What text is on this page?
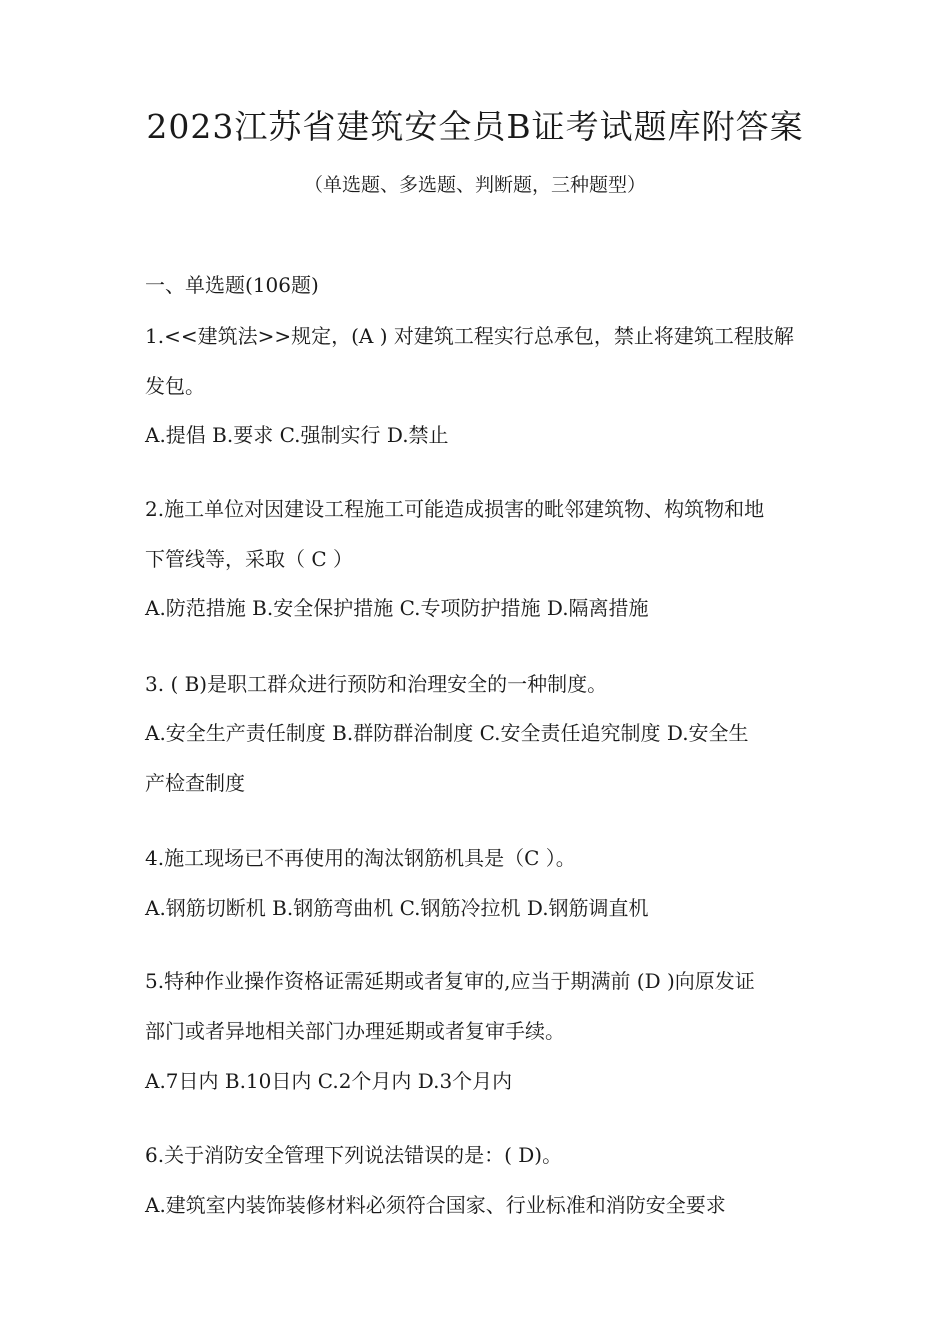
2023江苏省建筑安全员B证考试题库附答案
（单选题、多选题、判断题，三种题型）
一、单选题(106题)
1.<<建筑法>>规定，(A ) 对建筑工程实行总承包，禁止将建筑工程肢解
发包。
A.提倡 B.要求 C.强制实行 D.禁止
2.施工单位对因建设工程施工可能造成损害的毗邻建筑物、构筑物和地
下管线等，采取（ C ）
A.防范措施 B.安全保护措施 C.专项防护措施 D.隔离措施
3. ( B)是职工群众进行预防和治理安全的一种制度。
A.安全生产责任制度 B.群防群治制度 C.安全责任追究制度 D.安全生
产检查制度
4.施工现场已不再使用的淘汰钢筋机具是（C ）。
A.钢筋切断机 B.钢筋弯曲机 C.钢筋冷拉机 D.钢筋调直机
5.特种作业操作资格证需延期或者复审的,应当于期满前 (D )向原发证
部门或者异地相关部门办理延期或者复审手续。
A.7日内 B.10日内 C.2个月内 D.3个月内
6.关于消防安全管理下列说法错误的是：( D)。
A.建筑室内装饰装修材料必须符合国家、行业标准和消防安全要求
